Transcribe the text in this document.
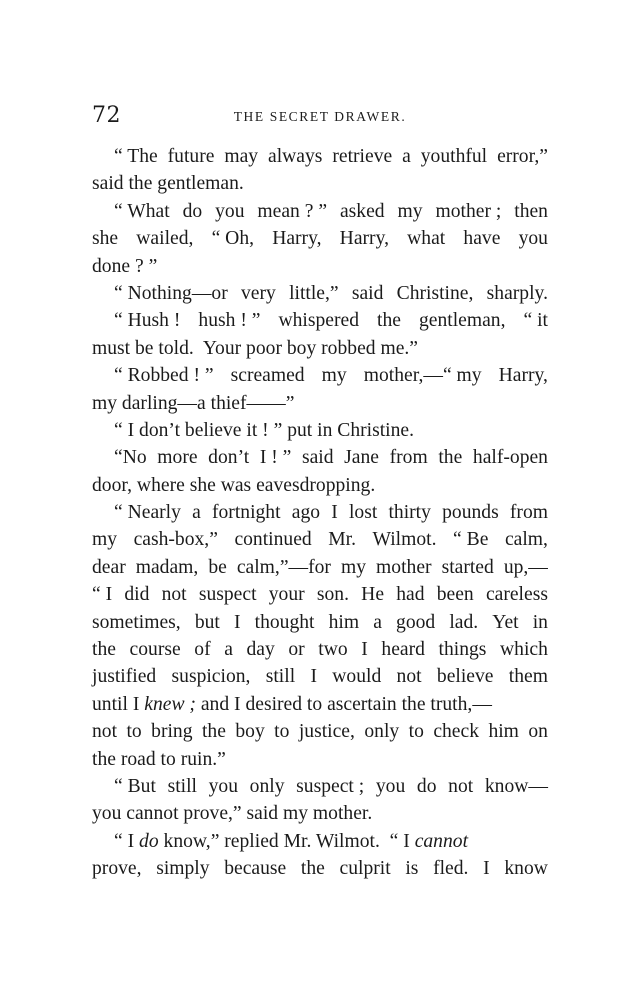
72	THE SECRET DRAWER.
“ The future may always retrieve a youthful error,”
said the gentleman.
“ What do you mean ? ” asked my mother ; then
she wailed, “ Oh, Harry, Harry, what have you
done ? ”
“ Nothing—or very little,” said Christine, sharply.
“ Hush ! hush ! ” whispered the gentleman, “ it
must be told.  Your poor boy robbed me.”
“ Robbed ! ” screamed my mother,—“ my Harry,
my darling—a thief——”
“ I don’t believe it ! ” put in Christine.
“No more don’t I ! ” said Jane from the half-open
door, where she was eavesdropping.
“ Nearly a fortnight ago I lost thirty pounds from
my cash-box,” continued Mr. Wilmot. “ Be calm,
dear madam, be calm,”—for my mother started up,—
“ I did not suspect your son. He had been careless
sometimes, but I thought him a good lad. Yet in
the course of a day or two I heard things which
justified suspicion, still I would not believe them
until I knew ; and I desired to ascertain the truth,—
not to bring the boy to justice, only to check him on
the road to ruin.”
“ But still you only suspect ; you do not know—
you cannot prove,” said my mother.
“ I do know,” replied Mr. Wilmot.  “ I cannot
prove, simply because the culprit is fled. I know
